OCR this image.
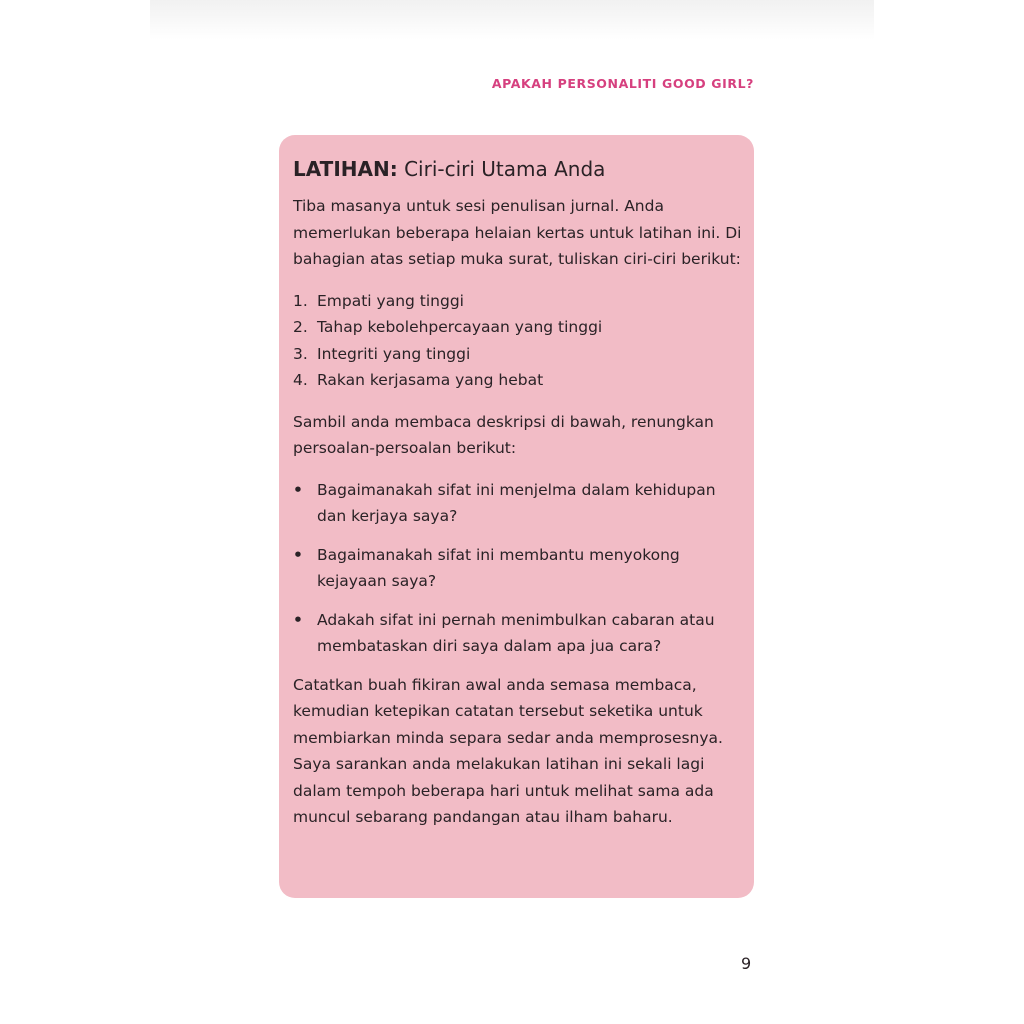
APAKAH PERSONALITI GOOD GIRL?
LATIHAN: Ciri-ciri Utama Anda

Tiba masanya untuk sesi penulisan jurnal. Anda memerlukan beberapa helaian kertas untuk latihan ini. Di bahagian atas setiap muka surat, tuliskan ciri-ciri berikut:

1. Empati yang tinggi
2. Tahap kebolehpercayaan yang tinggi
3. Integriti yang tinggi
4. Rakan kerjasama yang hebat

Sambil anda membaca deskripsi di bawah, renungkan persoalan-persoalan berikut:

• Bagaimanakah sifat ini menjelma dalam kehidupan dan kerjaya saya?
• Bagaimanakah sifat ini membantu menyokong kejayaan saya?
• Adakah sifat ini pernah menimbulkan cabaran atau membataskan diri saya dalam apa jua cara?

Catatkan buah fikiran awal anda semasa membaca, kemudian ketepikan catatan tersebut seketika untuk membiarkan minda separa sedar anda memprosesnya. Saya sarankan anda melakukan latihan ini sekali lagi dalam tempoh beberapa hari untuk melihat sama ada muncul sebarang pandangan atau ilham baharu.

9
